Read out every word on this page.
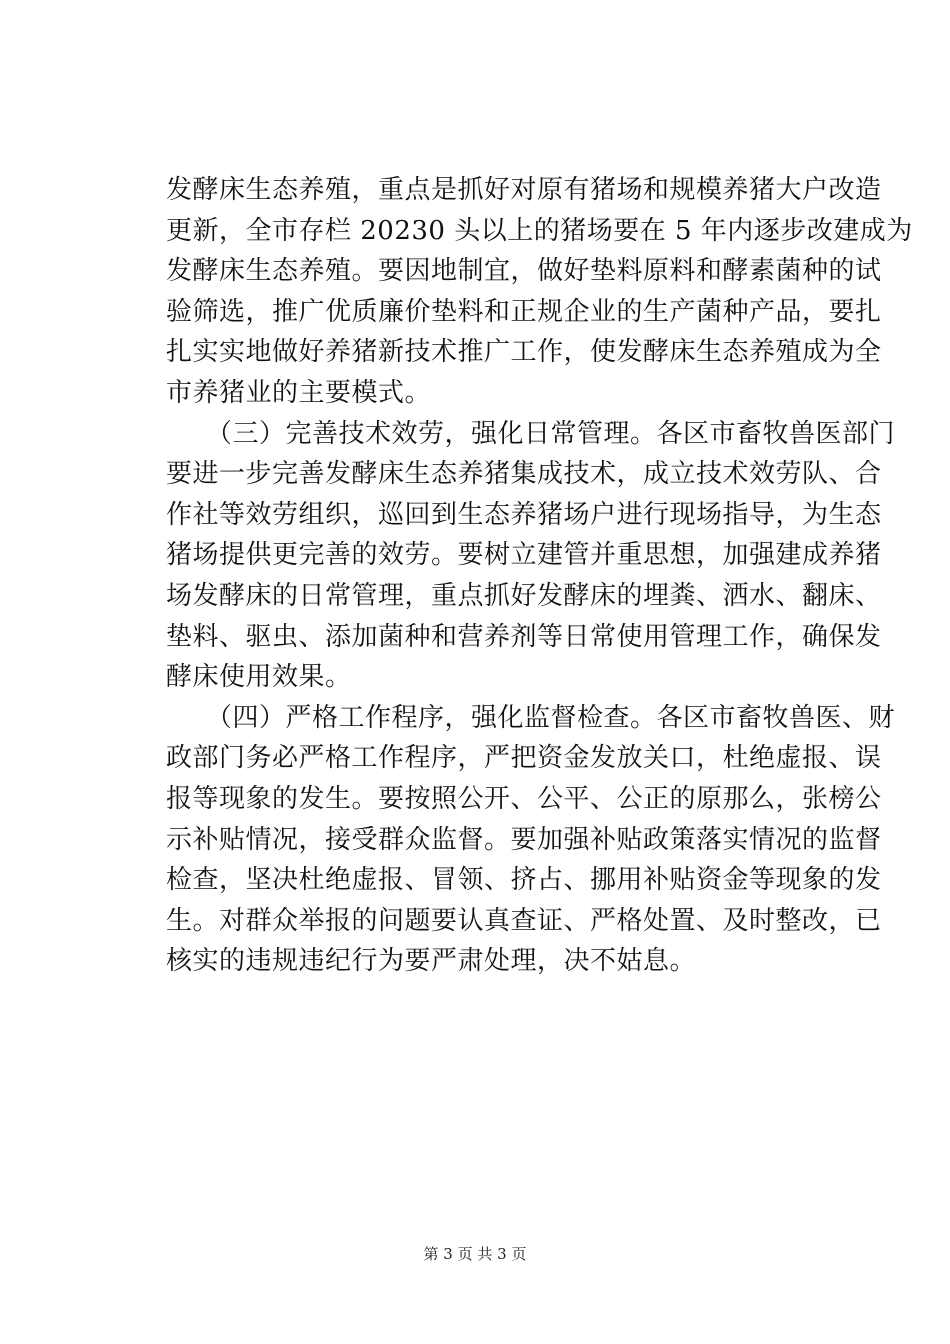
发酵床生态养殖，重点是抓好对原有猪场和规模养猪大户改造
更新，全市存栏 20230 头以上的猪场要在 5 年内逐步改建成为
发酵床生态养殖。要因地制宜，做好垫料原料和酵素菌种的试
验筛选，推广优质廉价垫料和正规企业的生产菌种产品，要扎
扎实实地做好养猪新技术推广工作，使发酵床生态养殖成为全
市养猪业的主要模式。
　　（三）完善技术效劳，强化日常管理。各区市畜牧兽医部门
要进一步完善发酵床生态养猪集成技术，成立技术效劳队、合
作社等效劳组织，巡回到生态养猪场户进行现场指导，为生态
猪场提供更完善的效劳。要树立建管并重思想，加强建成养猪
场发酵床的日常管理，重点抓好发酵床的埋粪、洒水、翻床、
垫料、驱虫、添加菌种和营养剂等日常使用管理工作，确保发
酵床使用效果。
　　（四）严格工作程序，强化监督检查。各区市畜牧兽医、财
政部门务必严格工作程序，严把资金发放关口，杜绝虚报、误
报等现象的发生。要按照公开、公平、公正的原那么，张榜公
示补贴情况，接受群众监督。要加强补贴政策落实情况的监督
检查，坚决杜绝虚报、冒领、挤占、挪用补贴资金等现象的发
生。对群众举报的问题要认真查证、严格处置、及时整改，已
核实的违规违纪行为要严肃处理，决不姑息。
第 3 页 共 3 页
